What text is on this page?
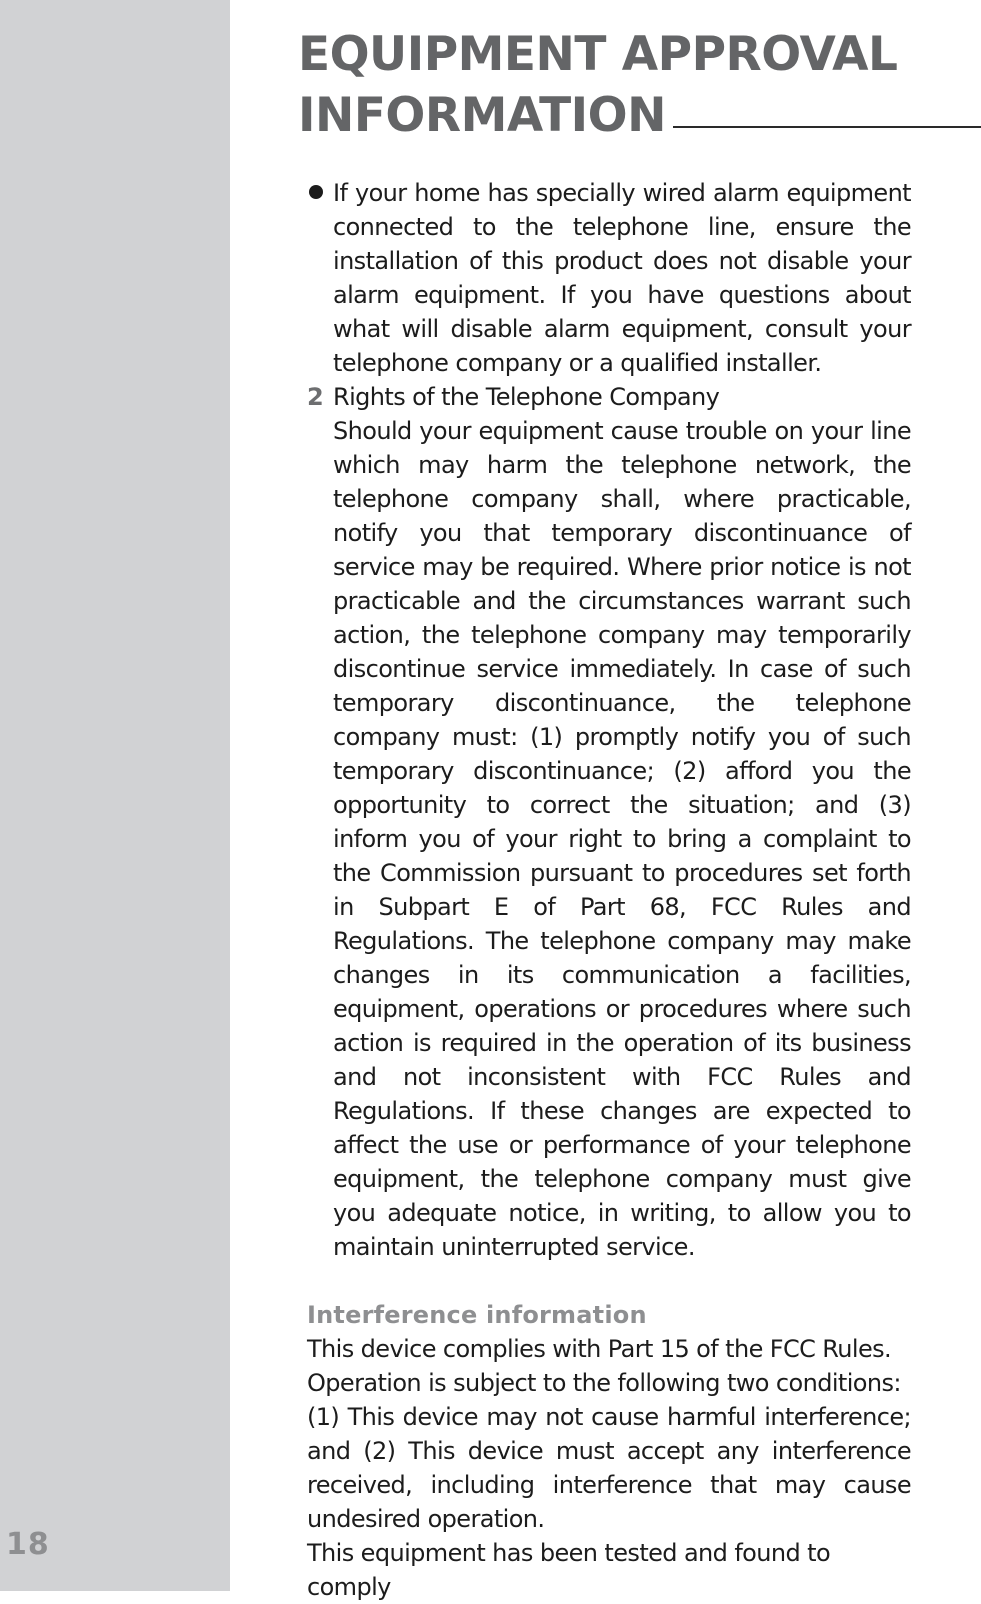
18
EQUIPMENT APPROVAL
INFORMATION

If your home has specially wired alarm equipment connected to the telephone line, ensure the installation of this product does not disable your alarm equipment. If you have questions about what will disable alarm equipment, consult your telephone company or a qualified installer.

2 Rights of the Telephone Company

Should your equipment cause trouble on your line which may harm the telephone network, the telephone company shall, where practicable, notify you that temporary discontinuance of service may be required. Where prior notice is not practicable and the circumstances warrant such action, the telephone company may temporarily discontinue service immediately. In case of such temporary discontinuance, the telephone company must: (1) promptly notify you of such temporary discontinuance; (2) afford you the opportunity to correct the situation; and (3) inform you of your right to bring a complaint to the Commission pursuant to procedures set forth in Subpart E of Part 68, FCC Rules and Regulations. The telephone company may make changes in its communication a facilities, equipment, operations or procedures where such action is required in the operation of its business and not inconsistent with FCC Rules and Regulations. If these changes are expected to affect the use or performance of your telephone equipment, the telephone company must give you adequate notice, in writing, to allow you to maintain uninterrupted service.

Interference information

This device complies with Part 15 of the FCC Rules.

Operation is subject to the following two conditions:

(1) This device may not cause harmful interference; and (2) This device must accept any interference received, including interference that may cause undesired operation.

This equipment has been tested and found to comply
